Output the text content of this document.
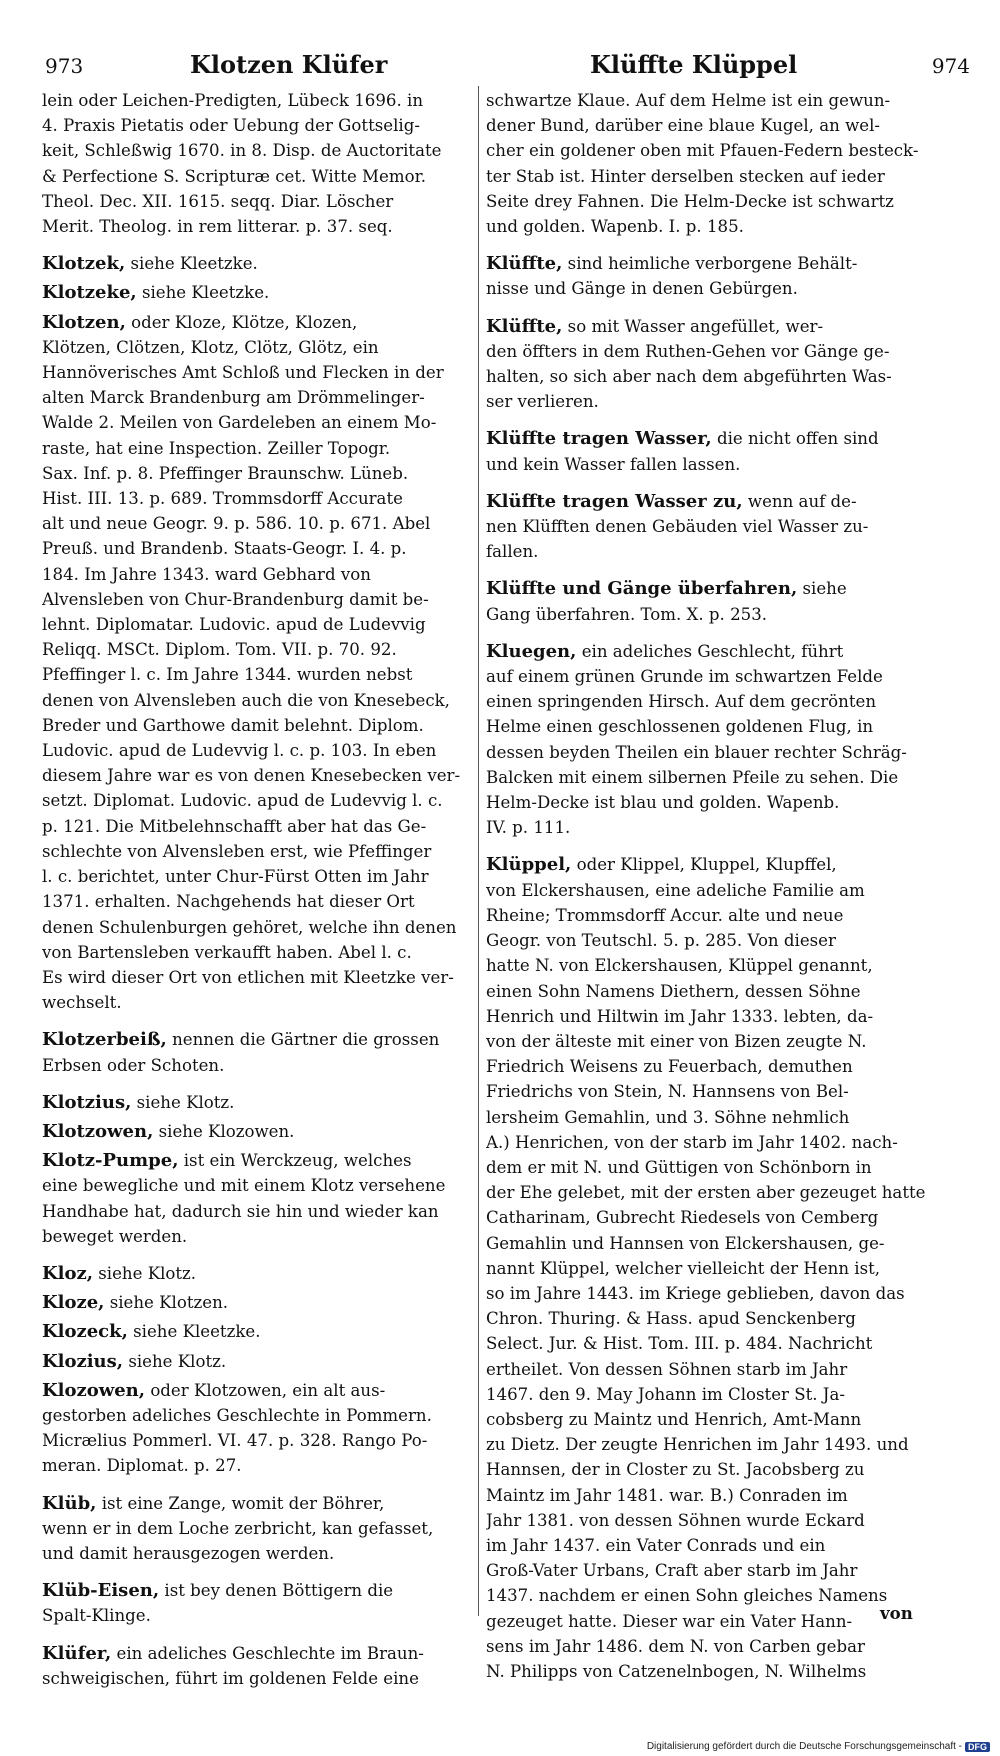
973	Klotzen Klüfer	Klüffte Klüppel	974
lein oder Leichen-Predigten, Lübeck 1696. in
4. Praxis Pietatis oder Uebung der Gottselig-
keit, Schleßwig 1670. in 8. Disp. de Auctoritate
& Perfectione S. Scripturæ cet. Witte Memor.
Theol. Dec. XII. 1615. seqq. Diar. Löscher
Merit. Theolog. in rem litterar. p. 37. seq.
Klotzek, siehe Kleetzke.
Klotzeke, siehe Kleetzke.
Klotzen, oder Kloze, Klötze, Klozen,
Klötzen, Clötzen, Klotz, Clötz, Glötz, ein
Hannöverisches Amt Schloß und Flecken in der
alten Marck Brandenburg am Drömmelinger-
Walde 2. Meilen von Gardeleben an einem Mo-
raste, hat eine Inspection. Zeiller Topogr.
Sax. Inf. p. 8. Pfeffinger Braunschw. Lüneb.
Hist. III. 13. p. 689. Trommsdorff Accurate
alt und neue Geogr. 9. p. 586. 10. p. 671. Abel
Preuß. und Brandenb. Staats-Geogr. I. 4. p.
184. Im Jahre 1343. ward Gebhard von
Alvensleben von Chur-Brandenburg damit be-
lehnt. Diplomatar. Ludovic. apud de Ludevvig
Reliqq. MSCt. Diplom. Tom. VII. p. 70. 92.
Pfeffinger l. c. Im Jahre 1344. wurden nebst
denen von Alvensleben auch die von Knesebeck,
Breder und Garthowe damit belehnt. Diplom.
Ludovic. apud de Ludevvig l. c. p. 103. In eben
diesem Jahre war es von denen Knesebecken ver-
setzt. Diplomat. Ludovic. apud de Ludevvig l. c.
p. 121. Die Mitbelehnschafft aber hat das Ge-
schlechte von Alvensleben erst, wie Pfeffinger
l. c. berichtet, unter Chur-Fürst Otten im Jahr
1371. erhalten. Nachgehends hat dieser Ort
denen Schulenburgen gehöret, welche ihn denen
von Bartensleben verkaufft haben. Abel l. c.
Es wird dieser Ort von etlichen mit Kleetzke ver-
wechselt.
Klotzerbeiß, nennen die Gärtner die grossen
Erbsen oder Schoten.
Klotzius, siehe Klotz.
Klotzowen, siehe Klozowen.
Klotz-Pumpe, ist ein Werckzeug, welches
eine bewegliche und mit einem Klotz versehene
Handhabe hat, dadurch sie hin und wieder kan
beweget werden.
Kloz, siehe Klotz.
Kloze, siehe Klotzen.
Klozeck, siehe Kleetzke.
Klozius, siehe Klotz.
Klozowen, oder Klotzowen, ein alt aus-
gestorben adeliches Geschlechte in Pommern.
Micrælius Pommerl. VI. 47. p. 328. Rango Po-
meran. Diplomat. p. 27.
Klüb, ist eine Zange, womit der Böhrer,
wenn er in dem Loche zerbricht, kan gefasset,
und damit herausgezogen werden.
Klüb-Eisen, ist bey denen Böttigern die
Spalt-Klinge.
Klüfer, ein adeliches Geschlechte im Braun-
schweigischen, führt im goldenen Felde eine
schwartze Klaue. Auf dem Helme ist ein gewun-
dener Bund, darüber eine blaue Kugel, an wel-
cher ein goldener oben mit Pfauen-Federn besteck-
ter Stab ist. Hinter derselben stecken auf ieder
Seite drey Fahnen. Die Helm-Decke ist schwartz
und golden. Wapenb. I. p. 185.
Klüffte, sind heimliche verborgene Behält-
nisse und Gänge in denen Gebürgen.
Klüffte, so mit Wasser angefüllet, wer-
den öffters in dem Ruthen-Gehen vor Gänge ge-
halten, so sich aber nach dem abgeführten Was-
ser verlieren.
Klüffte tragen Wasser, die nicht offen sind
und kein Wasser fallen lassen.
Klüffte tragen Wasser zu, wenn auf de-
nen Klüfften denen Gebäuden viel Wasser zu-
fallen.
Klüffte und Gänge überfahren, siehe
Gang überfahren. Tom. X. p. 253.
Kluegen, ein adeliches Geschlecht, führt
auf einem grünen Grunde im schwartzen Felde
einen springenden Hirsch. Auf dem gecrönten
Helme einen geschlossenen goldenen Flug, in
dessen beyden Theilen ein blauer rechter Schräg-
Balcken mit einem silbernen Pfeile zu sehen. Die
Helm-Decke ist blau und golden. Wapenb.
IV. p. 111.
Klüppel, oder Klippel, Kluppel, Klupffel,
von Elckershausen, eine adeliche Familie am
Rheine; Trommsdorff Accur. alte und neue
Geogr. von Teutschl. 5. p. 285. Von dieser
hatte N. von Elckershausen, Klüppel genannt,
einen Sohn Namens Diethern, dessen Söhne
Henrich und Hiltwin im Jahr 1333. lebten, da-
von der älteste mit einer von Bizen zeugte N.
Friedrich Weisens zu Feuerbach, demuthen
Friedrichs von Stein, N. Hannsens von Bel-
lersheim Gemahlin, und 3. Söhne nehmlich
A.) Henrichen, von der starb im Jahr 1402. nach-
dem er mit N. und Güttigen von Schönborn in
der Ehe gelebet, mit der ersten aber gezeuget hatte
Catharinam, Gubrecht Riedesels von Cemberg
Gemahlin und Hannsen von Elckershausen, ge-
nannt Klüppel, welcher vielleicht der Henn ist,
so im Jahre 1443. im Kriege geblieben, davon das
Chron. Thuring. & Hass. apud Senckenberg
Select. Jur. & Hist. Tom. III. p. 484. Nachricht
ertheilet. Von dessen Söhnen starb im Jahr
1467. den 9. May Johann im Closter St. Ja-
cobsberg zu Maintz und Henrich, Amt-Mann
zu Dietz. Der zeugte Henrichen im Jahr 1493. und
Hannsen, der in Closter zu St. Jacobsberg zu
Maintz im Jahr 1481. war. B.) Conraden im
Jahr 1381. von dessen Söhnen wurde Eckard
im Jahr 1437. ein Vater Conrads und ein
Groß-Vater Urbans, Craft aber starb im Jahr
1437. nachdem er einen Sohn gleiches Namens
gezeuget hatte. Dieser war ein Vater Hann-
sens im Jahr 1486. dem N. von Carben gebar
N. Philipps von Catzenelnbogen, N. Wilhelms
von
Digitalisierung gefördert durch die Deutsche Forschungsgemeinschaft - DFG
